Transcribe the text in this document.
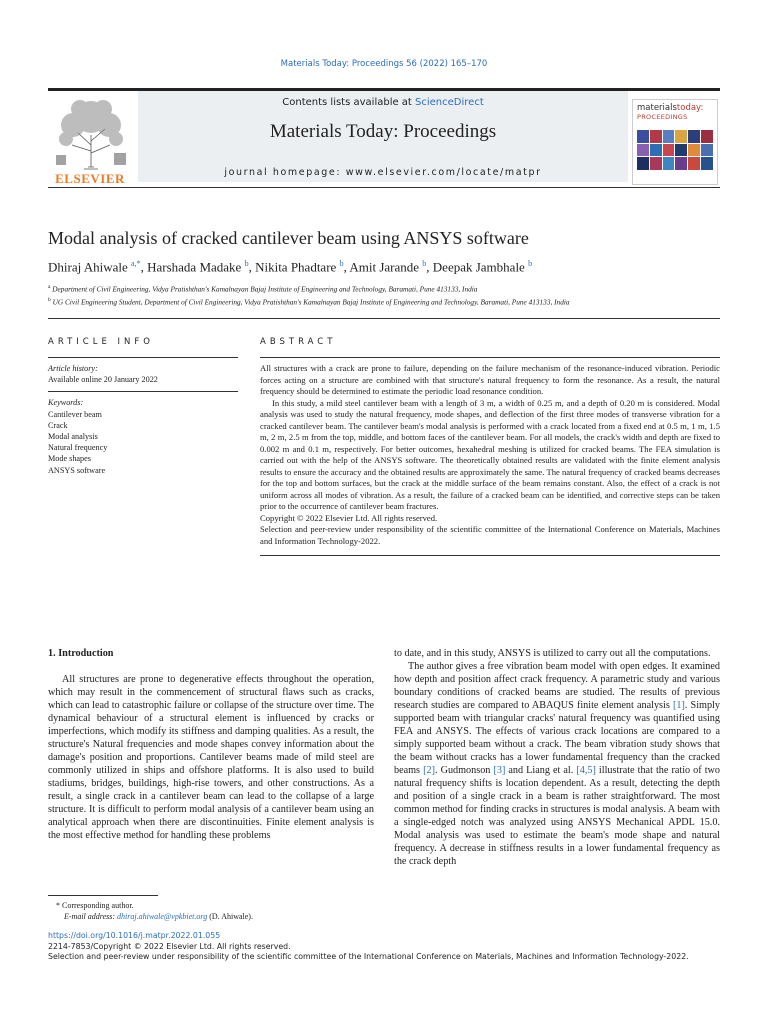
Materials Today: Proceedings 56 (2022) 165–170
ELSEVIER
Contents lists available at ScienceDirect
Materials Today: Proceedings
journal homepage: www.elsevier.com/locate/matpr
materialstoday:
PROCEEDINGS
Modal analysis of cracked cantilever beam using ANSYS software
Dhiraj Ahiwale $^{a,*}$, Harshada Madake $^b$, Nikita Phadtare $^b$, Amit Jarande $^b$, Deepak Jambhale $^b$
$^a$ Department of Civil Engineering, Vidya Pratishthan's Kamalnayan Bajaj Institute of Engineering and Technology, Baramati, Pune 413133, India
$^b$ UG Civil Engineering Student, Department of Civil Engineering, Vidya Pratishthan's Kamalnayan Bajaj Institute of Engineering and Technology, Baramati, Pune 413133, India
ARTICLE INFO
Article history:
Available online 20 January 2022
Keywords:
Cantilever beam
Crack
Modal analysis
Natural frequency
Mode shapes
ANSYS software
ABSTRACT

All structures with a crack are prone to failure, depending on the failure mechanism of the resonance-induced vibration. Periodic forces acting on a structure are combined with that structure's natural frequency to form the resonance. As a result, the natural frequency should be determined to estimate the periodic load resonance condition.

In this study, a mild steel cantilever beam with a length of 3 m, a width of 0.25 m, and a depth of 0.20 m is considered. Modal analysis was used to study the natural frequency, mode shapes, and deflection of the first three modes of transverse vibration for a cracked cantilever beam. The cantilever beam's modal analysis is performed with a crack located from a fixed end at 0.5 m, 1 m, 1.5 m, 2 m, 2.5 m from the top, middle, and bottom faces of the cantilever beam. For all models, the crack's width and depth are fixed to 0.002 m and 0.1 m, respectively. For better outcomes, hexahedral meshing is utilized for cracked beams. The FEA simulation is carried out with the help of the ANSYS software. The theoretically obtained results are validated with the finite element analysis results to ensure the accuracy and the obtained results are approximately the same. The natural frequency of cracked beams decreases for the top and bottom surfaces, but the crack at the middle surface of the beam remains constant. Also, the effect of a crack is not uniform across all modes of vibration. As a result, the failure of a cracked beam can be identified, and corrective steps can be taken prior to the occurrence of cantilever beam fractures.

Copyright © 2022 Elsevier Ltd. All rights reserved.

Selection and peer-review under responsibility of the scientific committee of the International Conference on Materials, Machines and Information Technology-2022.

1. Introduction

All structures are prone to degenerative effects throughout the operation, which may result in the commencement of structural flaws such as cracks, which can lead to catastrophic failure or collapse of the structure over time. The dynamical behaviour of a structural element is influenced by cracks or imperfections, which modify its stiffness and damping qualities. As a result, the structure's Natural frequencies and mode shapes convey information about the damage's position and proportions. Cantilever beams made of mild steel are commonly utilized in ships and offshore platforms. It is also used to build stadiums, bridges, buildings, high-rise towers, and other constructions. As a result, a single crack in a cantilever beam can lead to the collapse of a large structure. It is difficult to perform modal analysis of a cantilever beam using an analytical approach when there are discontinuities. Finite element analysis is the most effective method for handling these problems

to date, and in this study, ANSYS is utilized to carry out all the computations.

The author gives a free vibration beam model with open edges. It examined how depth and position affect crack frequency. A parametric study and various boundary conditions of cracked beams are studied. The results of previous research studies are compared to ABAQUS finite element analysis [1]. Simply supported beam with triangular cracks' natural frequency was quantified using FEA and ANSYS. The effects of various crack locations are compared to a simply supported beam without a crack. The beam vibration study shows that the beam without cracks has a lower fundamental frequency than the cracked beams [2]. Gudmonson [3] and Liang et al. [4,5] illustrate that the ratio of two natural frequency shifts is location dependent. As a result, detecting the depth and position of a single crack in a beam is rather straightforward. The most common method for finding cracks in structures is modal analysis. A beam with a single-edged notch was analyzed using ANSYS Mechanical APDL 15.0. Modal analysis was used to estimate the beam's mode shape and natural frequency. A decrease in stiffness results in a lower fundamental frequency as the crack depth

* Corresponding author.
E-mail address: dhiraj.ahiwale@vpkbiet.org (D. Ahiwale).
https://doi.org/10.1016/j.matpr.2022.01.055
2214-7853/Copyright © 2022 Elsevier Ltd. All rights reserved.
Selection and peer-review under responsibility of the scientific committee of the International Conference on Materials, Machines and Information Technology-2022.
